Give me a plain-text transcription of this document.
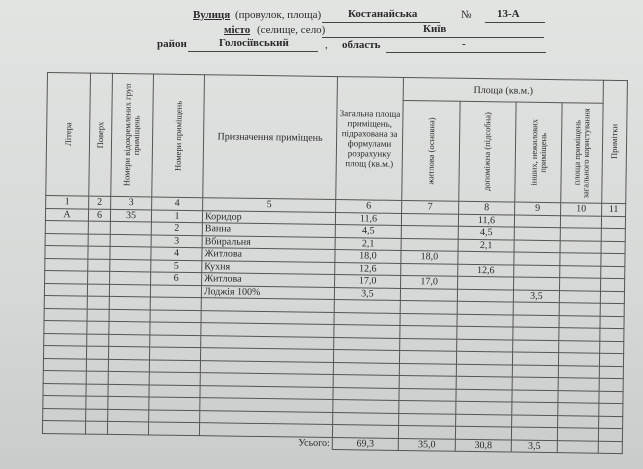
Вулиця (провулок, площа) Костанайська	№ 13-А
місто (селище, село)	Київ
район	Голосіївський	, область	-
Літера	Поверх	Номери відокремлених груп приміщень	Номери приміщень	Призначення приміщень	Загальна площа приміщень, підрахована за формулами розрахунку площ (кв.м.)	Площа (кв.м.)				Примітки

						житлова (основна)	допоміжна (підсобна)	інших, нежилових приміщень	площа приміщень загального користування	

1	2	3	4	5	6	7	8	9	10	11
А	6	35	1	Коридор	11,6		11,6			
			2	Ванна	4,5		4,5			
			3	Вбиральня	2,1		2,1			
			4	Житлова	18,0	18,0				
			5	Кухня	12,6		12,6			
			6	Житлова	17,0	17,0				
				Лоджія 100%	3,5			3,5		

Усього:					69,3	35,0	30,8	3,5		
